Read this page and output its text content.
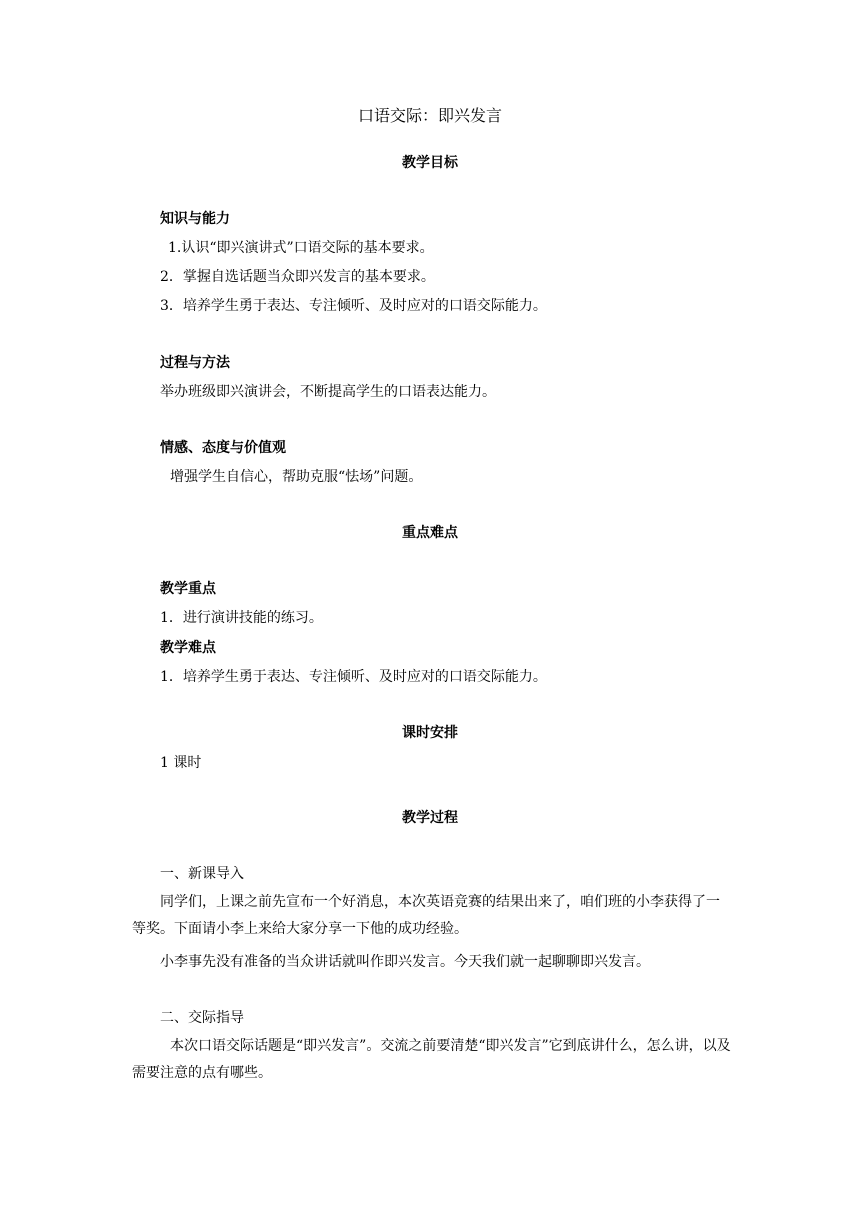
口语交际：即兴发言
教学目标
知识与能力
1.认识“即兴演讲式”口语交际的基本要求。
2．掌握自选话题当众即兴发言的基本要求。
3．培养学生勇于表达、专注倾听、及时应对的口语交际能力。
过程与方法
举办班级即兴演讲会，不断提高学生的口语表达能力。
情感、态度与价值观
增强学生自信心，帮助克服“怯场”问题。
重点难点
教学重点
1．进行演讲技能的练习。
教学难点
1．培养学生勇于表达、专注倾听、及时应对的口语交际能力。
课时安排
1 课时
教学过程
一、新课导入
同学们，上课之前先宣布一个好消息，本次英语竞赛的结果出来了，咱们班的小李获得了一等奖。下面请小李上来给大家分享一下他的成功经验。
小李事先没有准备的当众讲话就叫作即兴发言。今天我们就一起聊聊即兴发言。
二、交际指导
本次口语交际话题是“即兴发言”。交流之前要清楚“即兴发言”它到底讲什么，怎么讲，以及需要注意的点有哪些。
